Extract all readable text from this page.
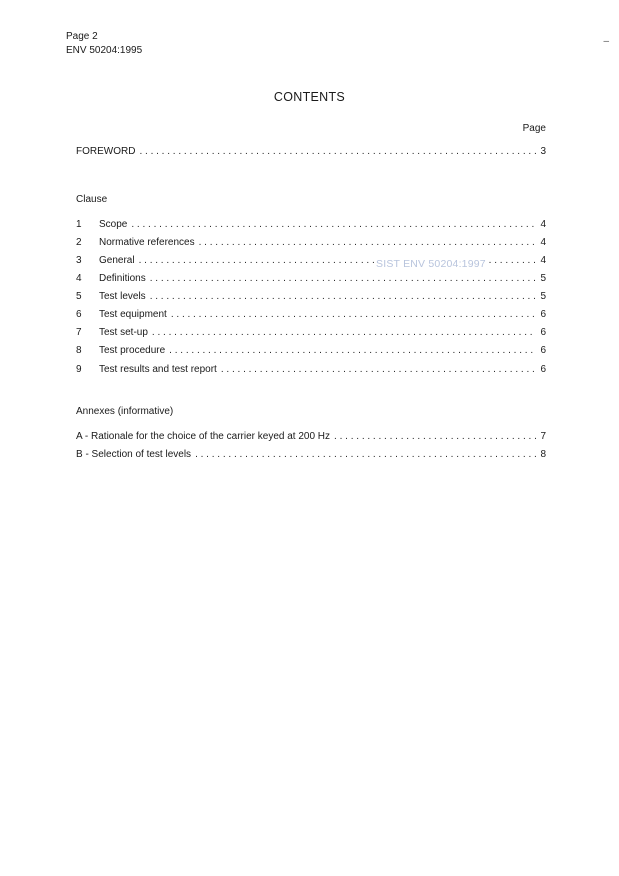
Page 2
ENV 50204:1995
–
CONTENTS
Page
FOREWORD . . .	3
Clause
1	Scope . . .	4
2	Normative references . . .	4
3	General . . .	4
4	Definitions . . .	5
5	Test levels . . .	5
6	Test equipment . . .	6
7	Test set-up . . .	6
8	Test procedure . . .	6
9	Test results and test report . . .	6
SIST ENV 50204:1997
Annexes (informative)
A - Rationale for the choice of the carrier keyed at 200 Hz . . .	7
B - Selection of test levels . . .	8
